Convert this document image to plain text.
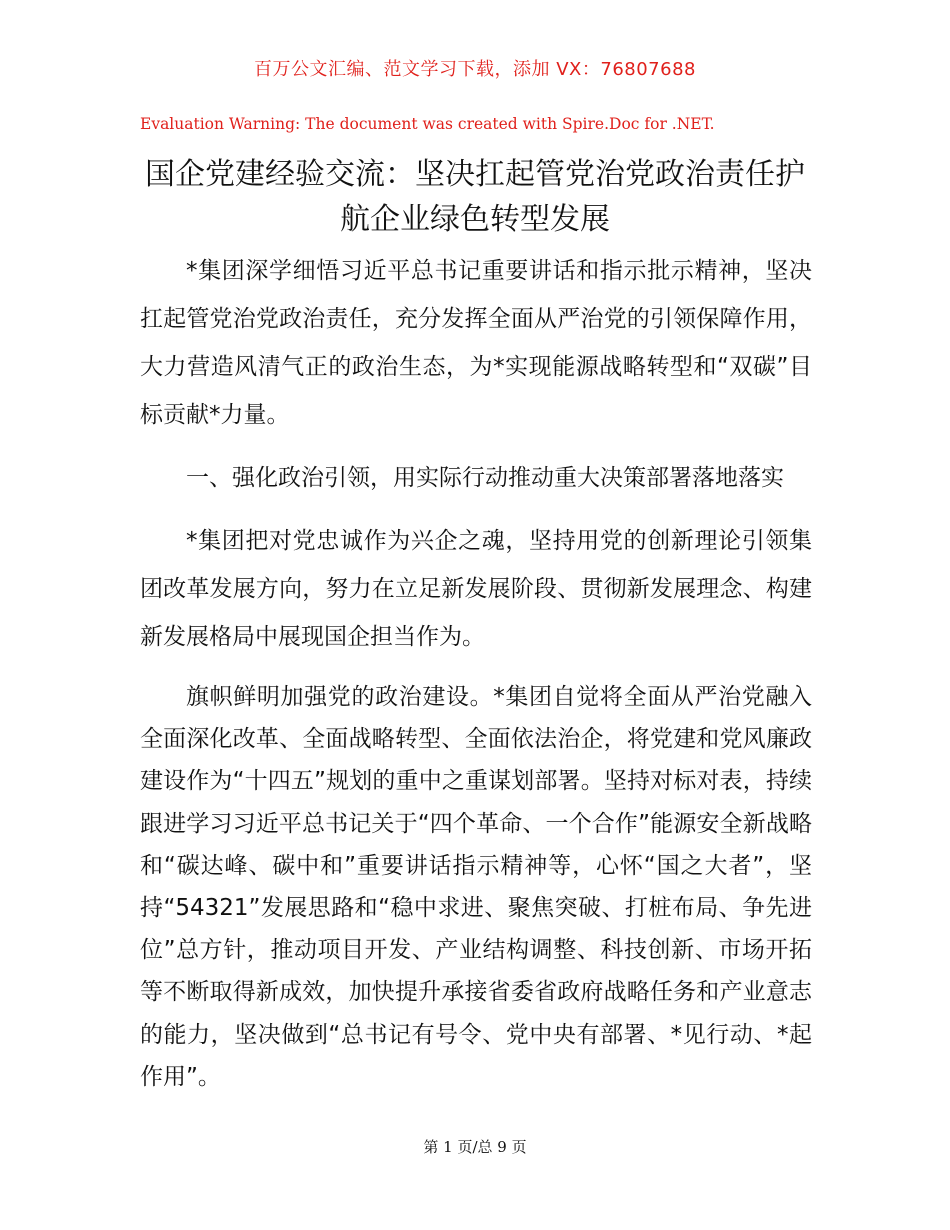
百万公文汇编、范文学习下载，添加 VX：76807688
Evaluation Warning: The document was created with Spire.Doc for .NET.
国企党建经验交流：坚决扛起管党治党政治责任护航企业绿色转型发展

*集团深学细悟习近平总书记重要讲话和指示批示精神，坚决扛起管党治党政治责任，充分发挥全面从严治党的引领保障作用，大力营造风清气正的政治生态，为*实现能源战略转型和“双碳”目标贡献*力量。

一、强化政治引领，用实际行动推动重大决策部署落地落实

*集团把对党忠诚作为兴企之魂，坚持用党的创新理论引领集团改革发展方向，努力在立足新发展阶段、贯彻新发展理念、构建新发展格局中展现国企担当作为。

旗帜鲜明加强党的政治建设。*集团自觉将全面从严治党融入全面深化改革、全面战略转型、全面依法治企，将党建和党风廉政建设作为“十四五”规划的重中之重谋划部署。坚持对标对表，持续跟进学习习近平总书记关于“四个革命、一个合作”能源安全新战略和“碳达峰、碳中和”重要讲话指示精神等，心怀“国之大者”，坚持“54321”发展思路和“稳中求进、聚焦突破、打桩布局、争先进位”总方针，推动项目开发、产业结构调整、科技创新、市场开拓等不断取得新成效，加快提升承接省委省政府战略任务和产业意志的能力，坚决做到“总书记有号令、党中央有部署、*见行动、*起作用”。

第 1 页/总 9 页
